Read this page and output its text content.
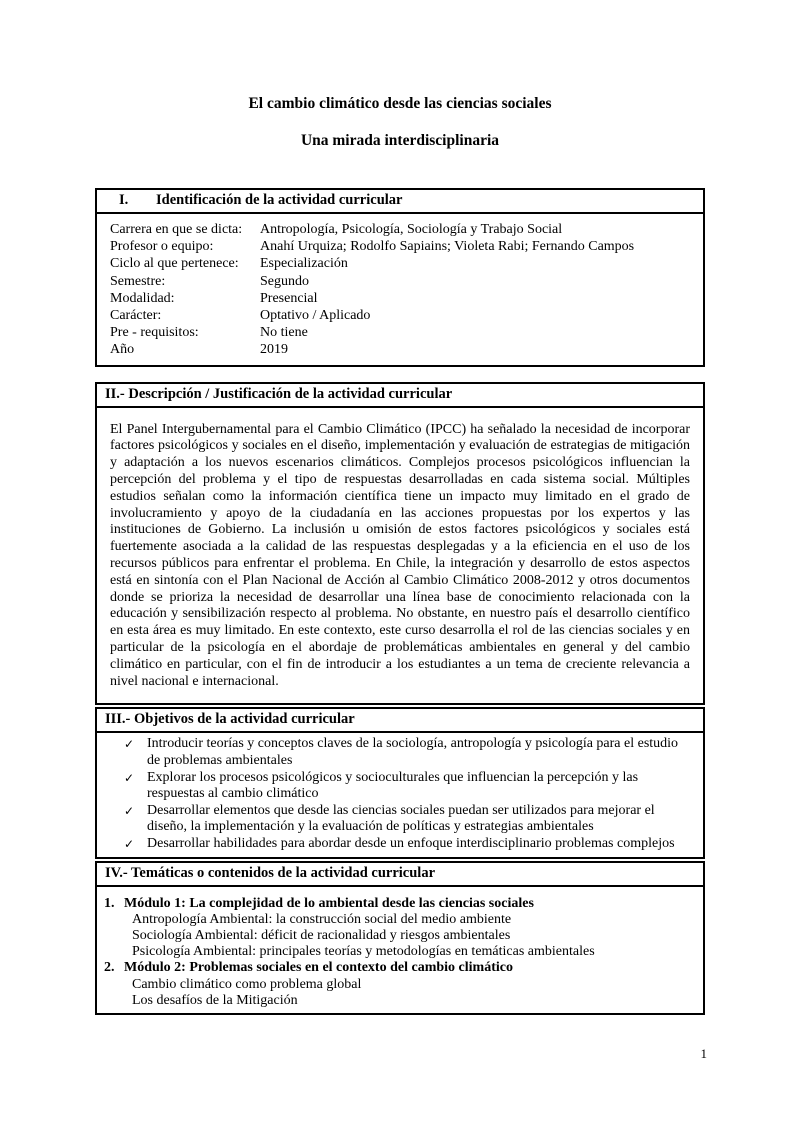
El cambio climático desde las ciencias sociales
Una mirada interdisciplinaria
I. Identificación de la actividad curricular
Carrera en que se dicta:	Antropología, Psicología, Sociología y Trabajo Social
Profesor o equipo:	Anahí Urquiza; Rodolfo Sapiains; Violeta Rabi; Fernando Campos
Ciclo al que pertenece:	Especialización
Semestre:	Segundo
Modalidad:	Presencial
Carácter:	Optativo / Aplicado
Pre - requisitos:	No tiene
Año	2019
II.- Descripción / Justificación de la actividad curricular

El Panel Intergubernamental para el Cambio Climático (IPCC) ha señalado la necesidad de incorporar factores psicológicos y sociales en el diseño, implementación y evaluación de estrategias de mitigación y adaptación a los nuevos escenarios climáticos. Complejos procesos psicológicos influencian la percepción del problema y el tipo de respuestas desarrolladas en cada sistema social. Múltiples estudios señalan como la información científica tiene un impacto muy limitado en el grado de involucramiento y apoyo de la ciudadanía en las acciones propuestas por los expertos y las instituciones de Gobierno. La inclusión u omisión de estos factores psicológicos y sociales está fuertemente asociada a la calidad de las respuestas desplegadas y a la eficiencia en el uso de los recursos públicos para enfrentar el problema. En Chile, la integración y desarrollo de estos aspectos está en sintonía con el Plan Nacional de Acción al Cambio Climático 2008-2012 y otros documentos donde se prioriza la necesidad de desarrollar una línea base de conocimiento relacionada con la educación y sensibilización respecto al problema. No obstante, en nuestro país el desarrollo científico en esta área es muy limitado. En este contexto, este curso desarrolla el rol de las ciencias sociales y en particular de la psicología en el abordaje de problemáticas ambientales en general y del cambio climático en particular, con el fin de introducir a los estudiantes a un tema de creciente relevancia a nivel nacional e internacional.

III.- Objetivos de la actividad curricular
✓ Introducir teorías y conceptos claves de la sociología, antropología y psicología para el estudio de problemas ambientales
✓ Explorar los procesos psicológicos y socioculturales que influencian la percepción y las respuestas al cambio climático
✓ Desarrollar elementos que desde las ciencias sociales puedan ser utilizados para mejorar el diseño, la implementación y la evaluación de políticas y estrategias ambientales
✓ Desarrollar habilidades para abordar desde un enfoque interdisciplinario problemas complejos
IV.- Temáticas o contenidos de la actividad curricular
1. Módulo 1: La complejidad de lo ambiental desde las ciencias sociales
Antropología Ambiental: la construcción social del medio ambiente
Sociología Ambiental: déficit de racionalidad y riesgos ambientales
Psicología Ambiental: principales teorías y metodologías en temáticas ambientales
2. Módulo 2: Problemas sociales en el contexto del cambio climático
Cambio climático como problema global
Los desafíos de la Mitigación
1
